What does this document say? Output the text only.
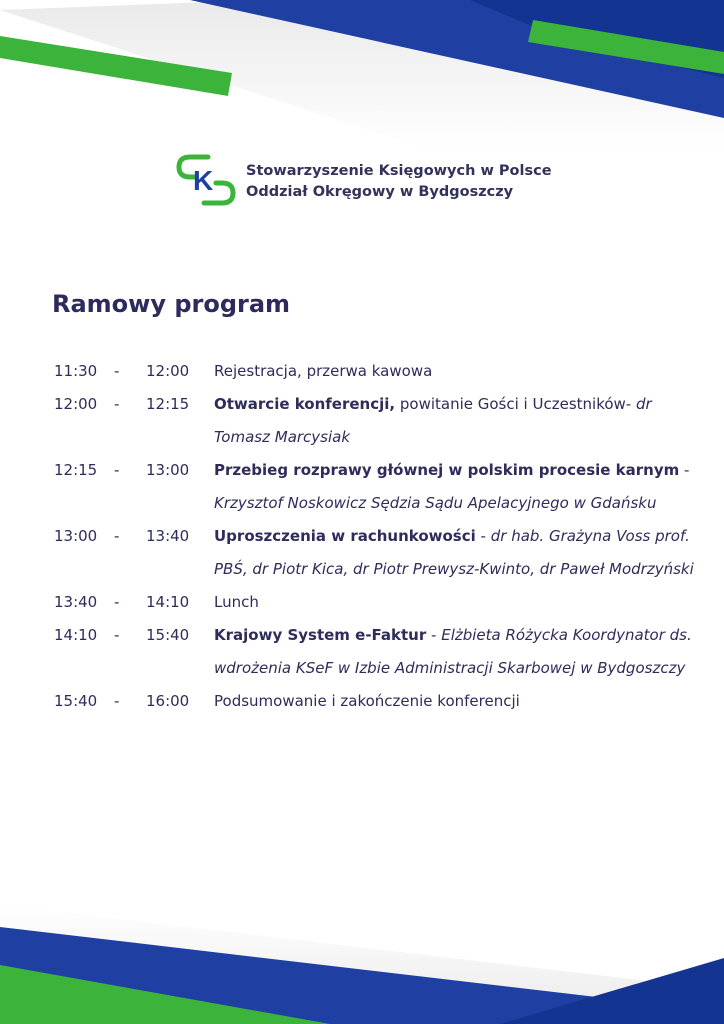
K Stowarzyszenie Księgowych w Polsce
Oddział Okręgowy w Bydgoszczy
Ramowy program
11:30 - 12:00 Rejestracja, przerwa kawowa
12:00 - 12:15 Otwarcie konferencji, powitanie Gości i Uczestników- dr Tomasz Marcysiak
12:15 - 13:00 Przebieg rozprawy głównej w polskim procesie karnym - Krzysztof Noskowicz Sędzia Sądu Apelacyjnego w Gdańsku
13:00 - 13:40 Uproszczenia w rachunkowości - dr hab. Grażyna Voss prof. PBŚ, dr Piotr Kica, dr Piotr Prewysz-Kwinto, dr Paweł Modrzyński
13:40 - 14:10 Lunch
14:10 - 15:40 Krajowy System e-Faktur - Elżbieta Różycka Koordynator ds. wdrożenia KSeF w Izbie Administracji Skarbowej w Bydgoszczy
15:40 - 16:00 Podsumowanie i zakończenie konferencji
